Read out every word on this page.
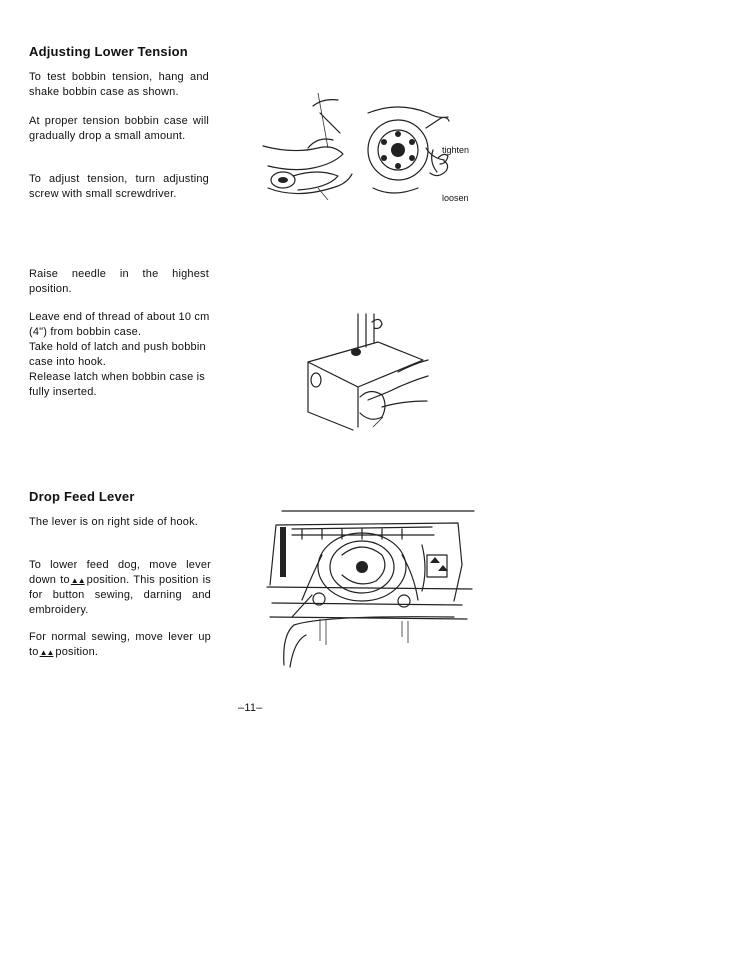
Adjusting Lower Tension
To test bobbin tension, hang and shake bobbin case as shown.
At proper tension bobbin case will gradually drop a small amount.
To adjust tension, turn adjusting screw with small screwdriver.
tighten
loosen
Raise needle in the highest position.

Leave end of thread of about 10 cm (4") from bobbin case.

Take hold of latch and push bobbin case into hook.

Release latch when bobbin case is fully inserted.

Drop Feed Lever
The lever is on right side of hook.
To lower feed dog, move lever down to▲▲ position. This position is for button sewing, darning and embroidery.
For normal sewing, move lever up to▲▲ position.
–11–
